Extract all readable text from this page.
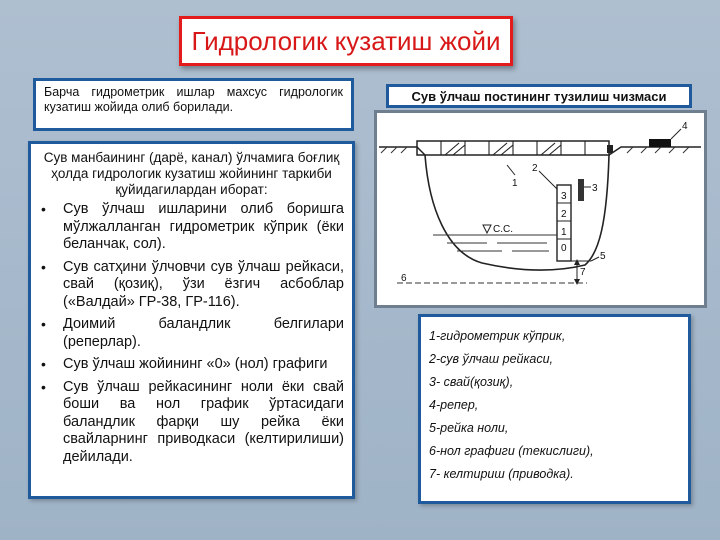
Гидрологик кузатиш жойи
Барча гидрометрик ишлар махсус гидрологик кузатиш жойида олиб борилади.

Сув манбаининг (дарё, канал) ўлчамига боғлиқ ҳолда гидрологик кузатиш жойининг таркиби қуйидагилардан иборат:

• Сув ўлчаш ишларини олиб боришга мўлжалланган гидрометрик кўприк (ёки беланчак, сол).
• Сув сатҳини ўлчовчи сув ўлчаш рейкаси, свай (қозиқ), ўзи ёзгич асбоблар («Валдай» ГР-38, ГР-116).
• Доимий баландлик белгилари (реперлар).
• Сув ўлчаш жойининг «0» (нол) графиги
• Сув ўлчаш рейкасининг ноли ёки свай боши ва нол график ўртасидаги баландлик фарқи шу рейка ёки свайларнинг приводкаси (келтирилиши) дейилади.
Сув ўлчаш постининг тузилиш чизмаси
4
3
2
1
0
3
С.С.
6
5
7
1
2
1-гидрометрик кўприк,
2-сув ўлчаш рейкаси,
3- свай(қозиқ),
4-репер,
5-рейка ноли,
6-нол графиги (текислиги),
7- келтириш (приводка).
